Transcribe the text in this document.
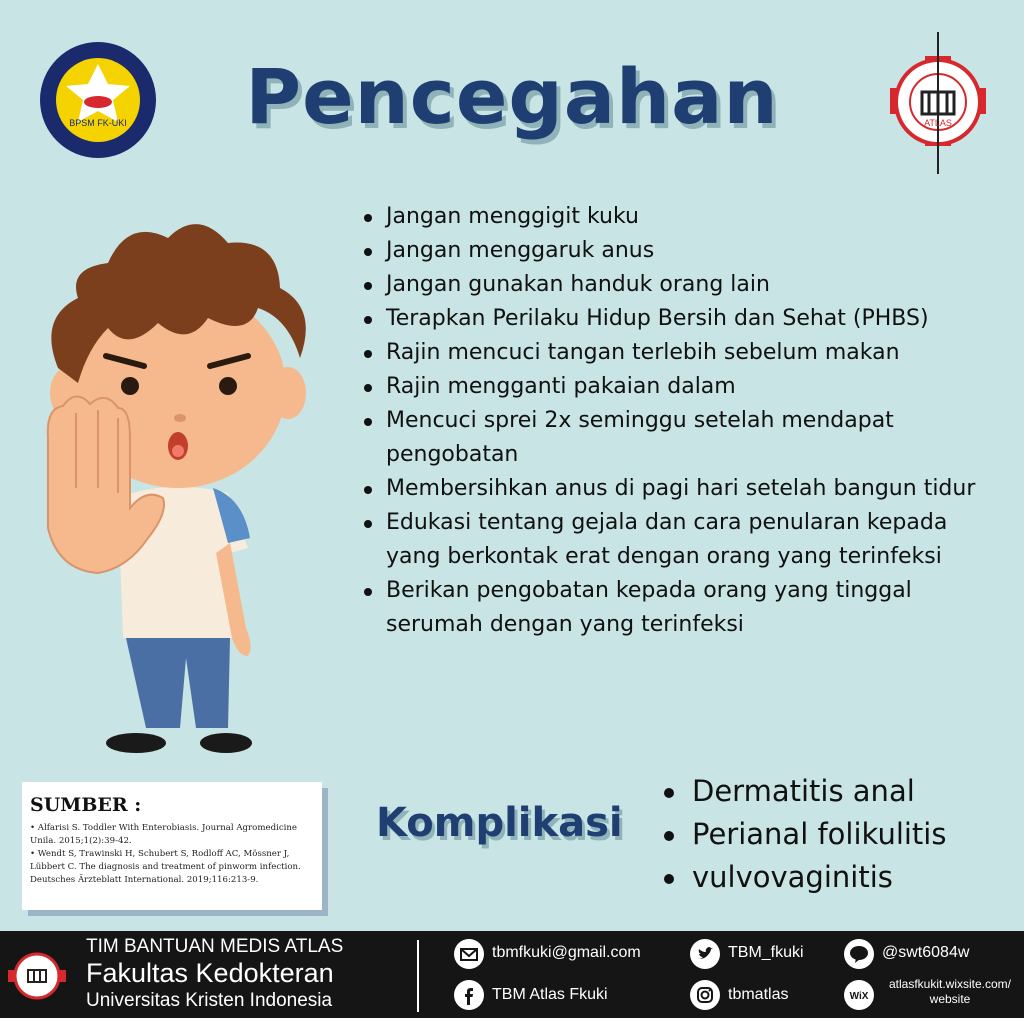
BPSM FK-UKI	ATLAS
Pencegahan
Jangan menggigit kuku
Jangan menggaruk anus
Jangan gunakan handuk orang lain
Terapkan Perilaku Hidup Bersih dan Sehat (PHBS)
Rajin mencuci tangan terlebih sebelum makan
Rajin mengganti pakaian dalam
Mencuci sprei 2x seminggu setelah mendapat pengobatan
Membersihkan anus di pagi hari setelah bangun tidur
Edukasi tentang gejala dan cara penularan kepada yang berkontak erat dengan orang yang terinfeksi
Berikan pengobatan kepada orang yang tinggal serumah dengan yang terinfeksi

SUMBER :

• Alfarisi S. Toddler With Enterobiasis. Journal Agromedicine Unila. 2015;1(2):39-42.

• Wendt S, Trawinski H, Schubert S, Rodloff AC, Mössner J, Lübbert C. The diagnosis and treatment of pinworm infection. Deutsches Ärzteblatt International. 2019;116:213-9.

Komplikasi
Dermatitis anal
Perianal folikulitis
vulvovaginitis
TIM BANTUAN MEDIS ATLAS
Fakultas Kedokteran
Universitas Kristen Indonesia
tbmfkuki@gmail.com	TBM_fkuki	@swt6084w
TBM Atlas Fkuki	tbmatlas	WiX
atlasfkukit.wixsite.com/
website
